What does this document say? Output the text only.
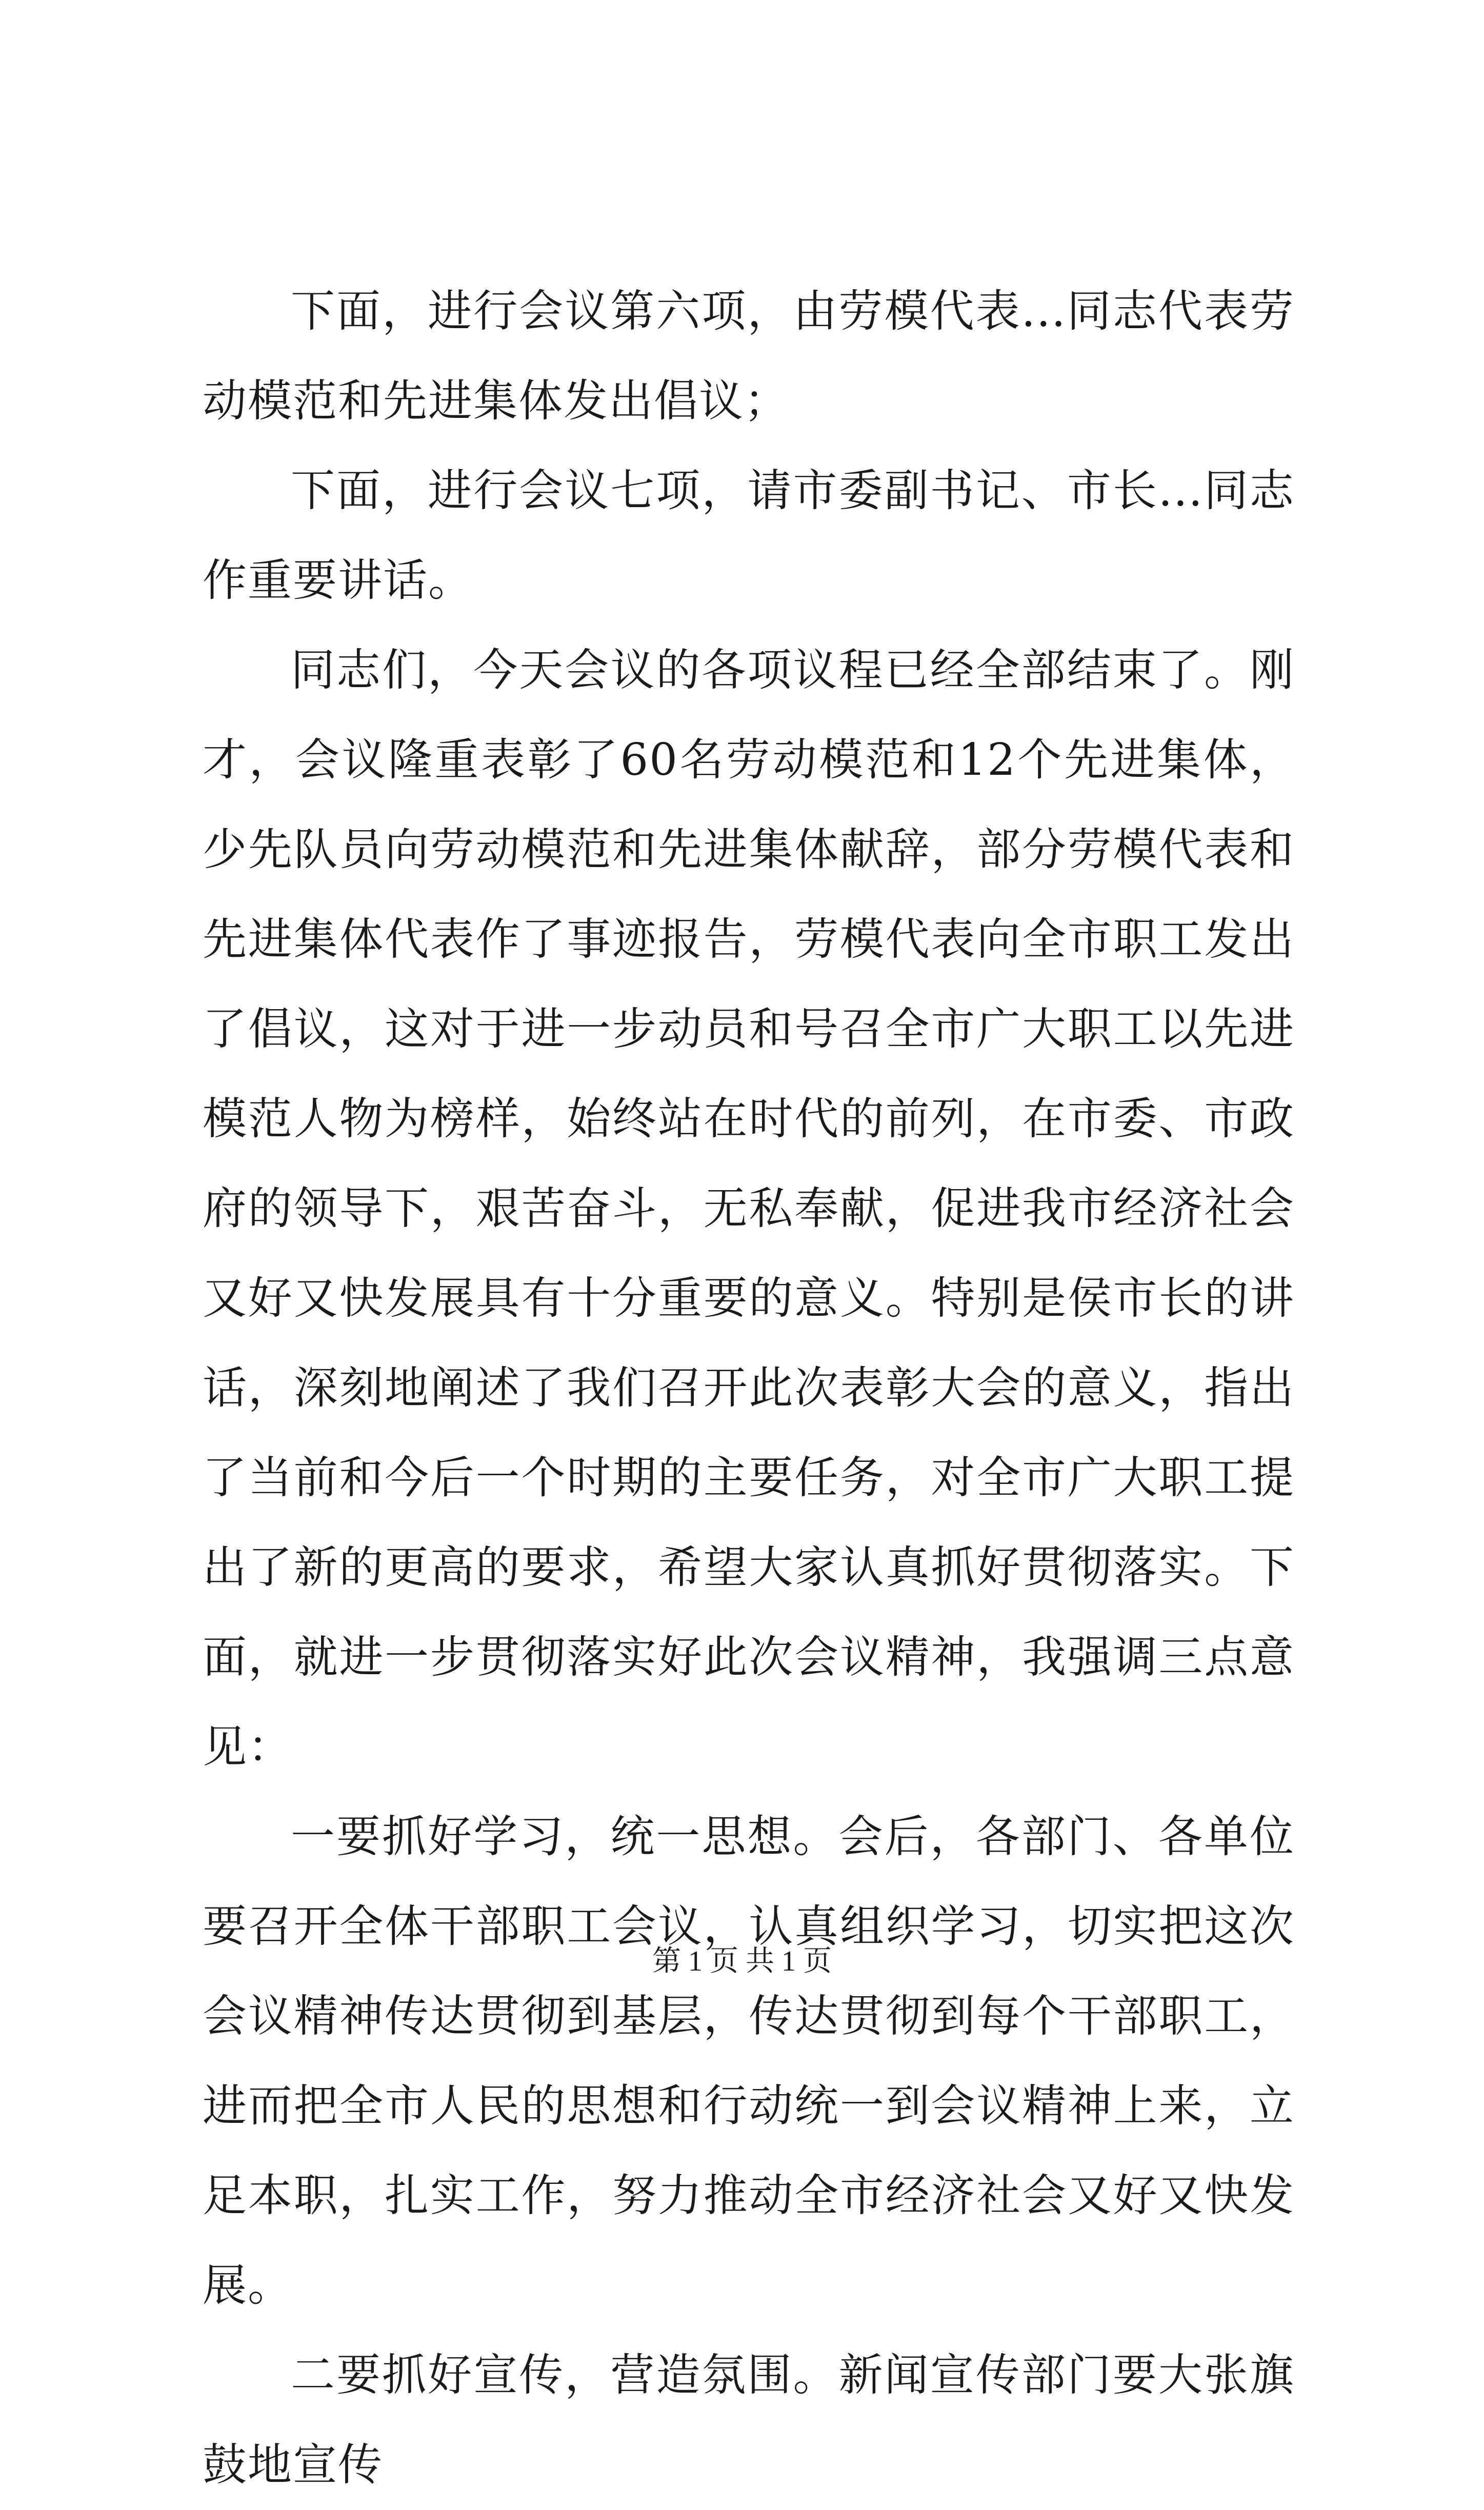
下面，进行会议第六项，由劳模代表...同志代表劳动模范和先进集体发出倡议；

下面，进行会议七项，请市委副书记、市长...同志作重要讲话。

同志们，今天会议的各项议程已经全部结束了。刚才，会议隆重表彰了60名劳动模范和12个先进集体，少先队员向劳动模范和先进集体献辞，部分劳模代表和先进集体代表作了事迹报告，劳模代表向全市职工发出了倡议，这对于进一步动员和号召全市广大职工以先进模范人物为榜样，始终站在时代的前列，在市委、市政府的领导下，艰苦奋斗，无私奉献，促进我市经济社会又好又快发展具有十分重要的意义。特别是侯市长的讲话，深刻地阐述了我们召开此次表彰大会的意义，指出了当前和今后一个时期的主要任务，对全市广大职工提出了新的更高的要求，希望大家认真抓好贯彻落实。下面，就进一步贯彻落实好此次会议精神，我强调三点意见：

一要抓好学习，统一思想。会后，各部门、各单位要召开全体干部职工会议，认真组织学习，切实把这次会议精神传达贯彻到基层，传达贯彻到每个干部职工，进而把全市人民的思想和行动统一到会议精神上来，立足本职，扎实工作，努力推动全市经济社会又好又快发展。

二要抓好宣传，营造氛围。新闻宣传部门要大张旗鼓地宣传

第 1 页 共 1 页
